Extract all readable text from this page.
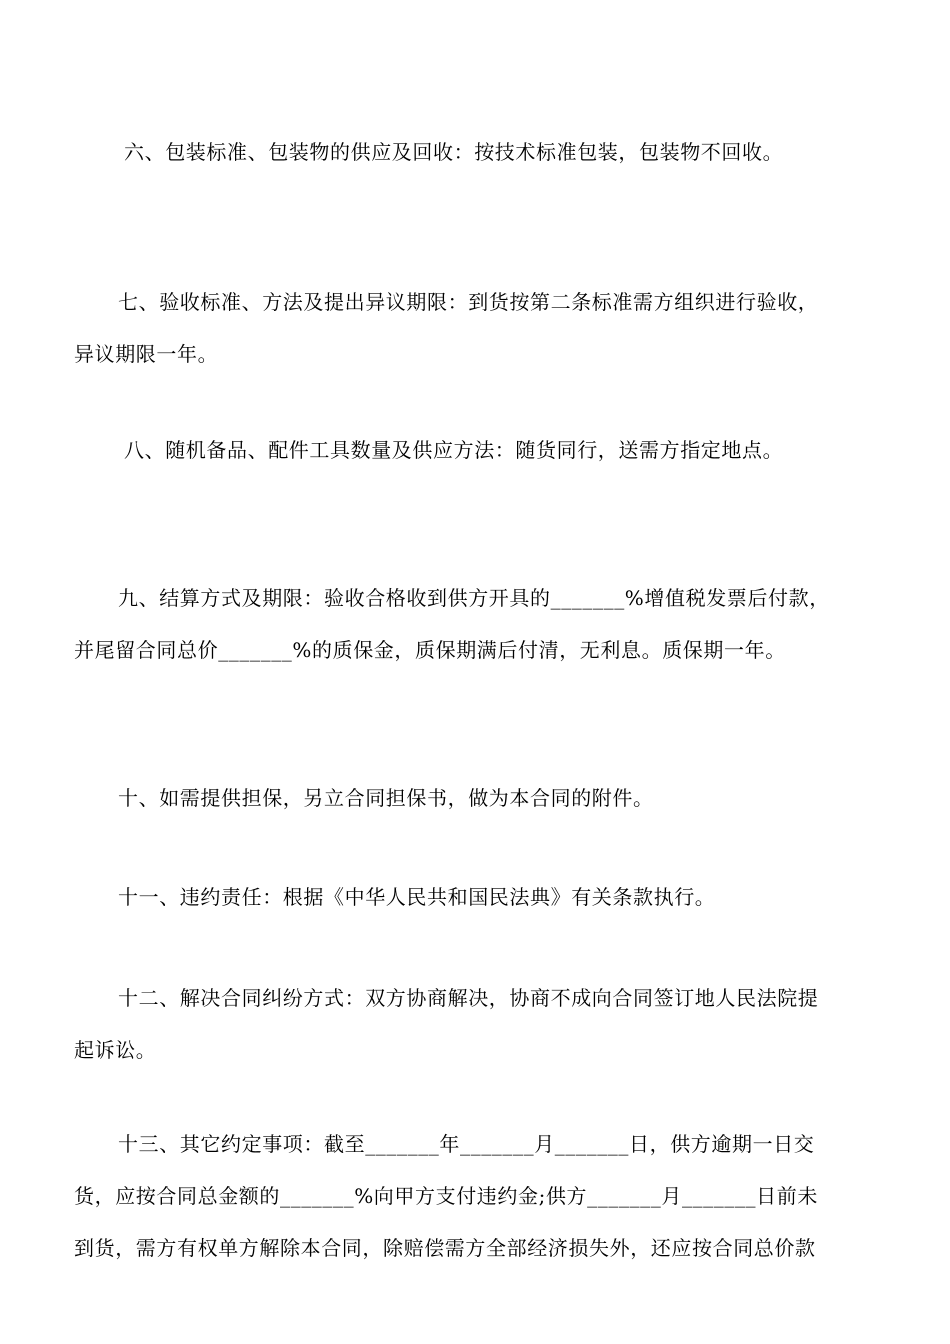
六、包装标准、包装物的供应及回收：按技术标准包装，包装物不回收。

七、验收标准、方法及提出异议期限：到货按第二条标准需方组织进行验收，
异议期限一年。

八、随机备品、配件工具数量及供应方法：随货同行，送需方指定地点。

九、结算方式及期限：验收合格收到供方开具的_______%增值税发票后付款，
并尾留合同总价_______%的质保金，质保期满后付清，无利息。质保期一年。

十、如需提供担保，另立合同担保书，做为本合同的附件。

十一、违约责任：根据《中华人民共和国民法典》有关条款执行。

十二、解决合同纠纷方式：双方协商解决，协商不成向合同签订地人民法院提
起诉讼。

十三、其它约定事项：截至_______年_______月_______日，供方逾期一日交
货，应按合同总金额的_______%向甲方支付违约金;供方_______月_______日前未
到货，需方有权单方解除本合同，除赔偿需方全部经济损失外，还应按合同总价款
